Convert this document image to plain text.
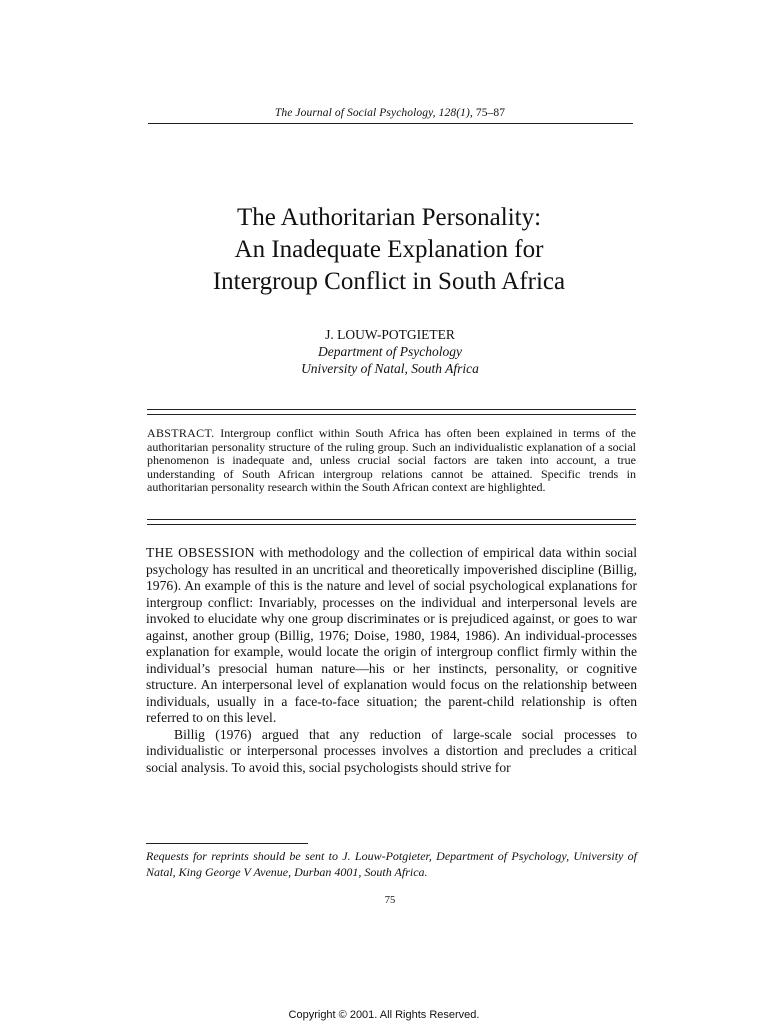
The Journal of Social Psychology, 128(1), 75–87
The Authoritarian Personality:
An Inadequate Explanation for
Intergroup Conflict in South Africa
J. LOUW-POTGIETER
Department of Psychology
University of Natal, South Africa
ABSTRACT. Intergroup conflict within South Africa has often been explained in terms of the authoritarian personality structure of the ruling group. Such an individualistic explanation of a social phenomenon is inadequate and, unless crucial social factors are taken into account, a true understanding of South African intergroup relations cannot be attained. Specific trends in authoritarian personality research within the South African context are highlighted.

THE OBSESSION with methodology and the collection of empirical data within social psychology has resulted in an uncritical and theoretically impoverished discipline (Billig, 1976). An example of this is the nature and level of social psychological explanations for intergroup conflict: Invariably, processes on the individual and interpersonal levels are invoked to elucidate why one group discriminates or is prejudiced against, or goes to war against, another group (Billig, 1976; Doise, 1980, 1984, 1986). An individual-processes explanation for example, would locate the origin of intergroup conflict firmly within the individual’s presocial human nature—his or her instincts, personality, or cognitive structure. An interpersonal level of explanation would focus on the relationship between individuals, usually in a face-to-face situation; the parent-child relationship is often referred to on this level.

Billig (1976) argued that any reduction of large-scale social processes to individualistic or interpersonal processes involves a distortion and precludes a critical social analysis. To avoid this, social psychologists should strive for

Requests for reprints should be sent to J. Louw-Potgieter, Department of Psychology, University of Natal, King George V Avenue, Durban 4001, South Africa.
75
Copyright © 2001. All Rights Reserved.
